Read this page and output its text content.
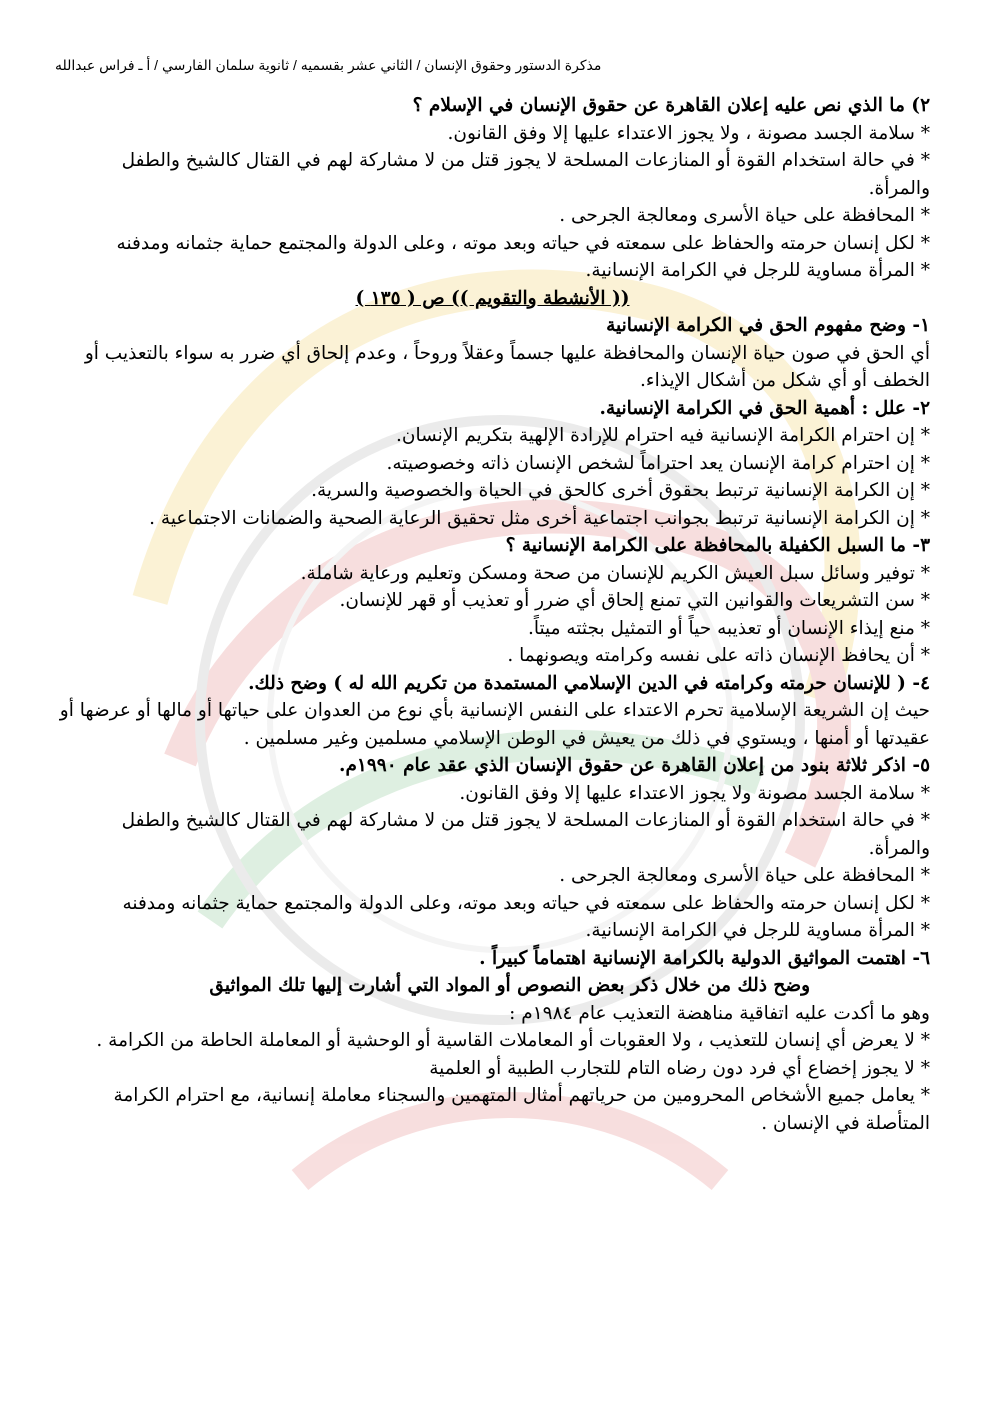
مذكرة الدستور وحقوق الإنسان / الثاني عشر بقسميه / ثانوية سلمان الفارسي / أ ـ فراس عبدالله

٢) ما الذي نص عليه إعلان القاهرة عن حقوق الإنسان في الإسلام ؟

* سلامة الجسد مصونة ، ولا يجوز الاعتداء عليها إلا وفق القانون.

* في حالة استخدام القوة أو المنازعات المسلحة لا يجوز قتل من لا مشاركة لهم في القتال كالشيخ والطفل والمرأة.

* المحافظة على حياة الأسرى ومعالجة الجرحى .

* لكل إنسان حرمته والحفاظ على سمعته في حياته وبعد موته ، وعلى الدولة والمجتمع حماية جثمانه ومدفنه

* المرأة مساوية للرجل في الكرامة الإنسانية.

(( الأنشطة والتقويم )) ص ( ١٣٥ )

١- وضح مفهوم الحق في الكرامة الإنسانية

أي الحق في صون حياة الإنسان والمحافظة عليها جسماً وعقلاً وروحاً ، وعدم إلحاق أي ضرر به سواء بالتعذيب أو الخطف أو أي شكل من أشكال الإيذاء.

٢- علل : أهمية الحق في الكرامة الإنسانية.

* إن احترام الكرامة الإنسانية فيه احترام للإرادة الإلهية بتكريم الإنسان.

* إن احترام كرامة الإنسان يعد احتراماً لشخص الإنسان ذاته وخصوصيته.

* إن الكرامة الإنسانية ترتبط بحقوق أخرى كالحق في الحياة والخصوصية والسرية.

* إن الكرامة الإنسانية ترتبط بجوانب اجتماعية أخرى مثل تحقيق الرعاية الصحية والضمانات الاجتماعية .

٣- ما السبل الكفيلة بالمحافظة على الكرامة الإنسانية ؟

* توفير وسائل سبل العيش الكريم للإنسان من صحة ومسكن وتعليم ورعاية شاملة.

* سن التشريعات والقوانين التي تمنع إلحاق أي ضرر أو تعذيب أو قهر للإنسان.

* منع إيذاء الإنسان أو تعذيبه حياً أو التمثيل بجثته ميتاً.

* أن يحافظ الإنسان ذاته على نفسه وكرامته ويصونهما .

٤- ( للإنسان حرمته وكرامته في الدين الإسلامي المستمدة من تكريم الله له ) وضح ذلك.

حيث إن الشريعة الإسلامية تحرم الاعتداء على النفس الإنسانية بأي نوع من العدوان على حياتها أو مالها أو عرضها أو عقيدتها أو أمنها ، ويستوي في ذلك من يعيش في الوطن الإسلامي مسلمين وغير مسلمين .

٥- اذكر ثلاثة بنود من إعلان القاهرة عن حقوق الإنسان الذي عقد عام ١٩٩٠م.

* سلامة الجسد مصونة ولا يجوز الاعتداء عليها إلا وفق القانون.

* في حالة استخدام القوة أو المنازعات المسلحة لا يجوز قتل من لا مشاركة لهم في القتال كالشيخ والطفل والمرأة.

* المحافظة على حياة الأسرى ومعالجة الجرحى .

* لكل إنسان حرمته والحفاظ على سمعته في حياته وبعد موته، وعلى الدولة والمجتمع حماية جثمانه ومدفنه

* المرأة مساوية للرجل في الكرامة الإنسانية.

٦- اهتمت المواثيق الدولية بالكرامة الإنسانية اهتماماً كبيراً .

وضح ذلك من خلال ذكر بعض النصوص أو المواد التي أشارت إليها تلك المواثيق

وهو ما أكدت عليه اتفاقية مناهضة التعذيب عام ١٩٨٤م :

* لا يعرض أي إنسان للتعذيب ، ولا العقوبات أو المعاملات القاسية أو الوحشية أو المعاملة الحاطة من الكرامة .

* لا يجوز إخضاع أي فرد دون رضاه التام للتجارب الطبية أو العلمية

* يعامل جميع الأشخاص المحرومين من حرياتهم أمثال المتهمين والسجناء معاملة إنسانية، مع احترام الكرامة المتأصلة في الإنسان .
